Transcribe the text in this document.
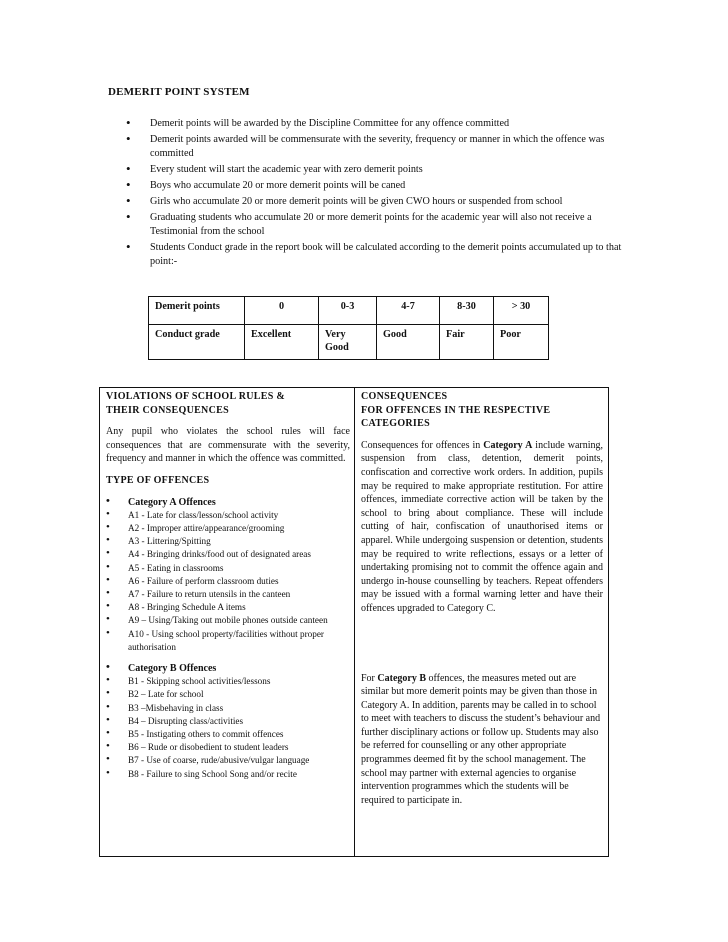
DEMERIT POINT SYSTEM
• Demerit points will be awarded by the Discipline Committee for any offence committed
• Demerit points awarded will be commensurate with the severity, frequency or manner in which the offence was committed
• Every student will start the academic year with zero demerit points
• Boys who accumulate 20 or more demerit points will be caned
• Girls who accumulate 20 or more demerit points will be given CWO hours or suspended from school
• Graduating students who accumulate 20 or more demerit points for the academic year will also not receive a Testimonial from the school
• Students Conduct grade in the report book will be calculated according to the demerit points accumulated up to that point:-
Demerit points	0	0-3	4-7	8-30	> 30
Conduct grade	Excellent	Very Good	Good	Fair	Poor
VIOLATIONS OF SCHOOL RULES &
THEIR CONSEQUENCES
Any pupil who violates the school rules will face consequences that are commensurate with the severity, frequency and manner in which the offence was committed.
TYPE OF OFFENCES
• Category A Offences
• A1 - Late for class/lesson/school activity
• A2 - Improper attire/appearance/grooming
• A3 - Littering/Spitting
• A4 - Bringing drinks/food out of designated areas
• A5 - Eating in classrooms
• A6 - Failure of perform classroom duties
• A7 - Failure to return utensils in the canteen
• A8 - Bringing Schedule A items
• A9 – Using/Taking out mobile phones outside canteen
• A10 - Using school property/facilities without proper authorisation
• Category B Offences
• B1 - Skipping school activities/lessons
• B2 – Late for school
• B3 –Misbehaving in class
• B4 – Disrupting class/activities
• B5 - Instigating others to commit offences
• B6 – Rude or disobedient to student leaders
• B7 - Use of coarse, rude/abusive/vulgar language
• B8 - Failure to sing School Song and/or recite
CONSEQUENCES
FOR OFFENCES IN THE RESPECTIVE
CATEGORIES
Consequences for offences in Category A include warning, suspension from class, detention, demerit points, confiscation and corrective work orders. In addition, pupils may be required to make appropriate restitution. For attire offences, immediate corrective action will be taken by the school to bring about compliance. These will include cutting of hair, confiscation of unauthorised items or apparel. While undergoing suspension or detention, students may be required to write reflections, essays or a letter of undertaking promising not to commit the offence again and undergo in-house counselling by teachers. Repeat offenders may be issued with a formal warning letter and have their offences upgraded to Category C.
For Category B offences, the measures meted out are similar but more demerit points may be given than those in Category A. In addition, parents may be called in to school to meet with teachers to discuss the student’s behaviour and further disciplinary actions or follow up. Students may also be referred for counselling or any other appropriate programmes deemed fit by the school management. The school may partner with external agencies to organise intervention programmes which the students will be required to participate in.
